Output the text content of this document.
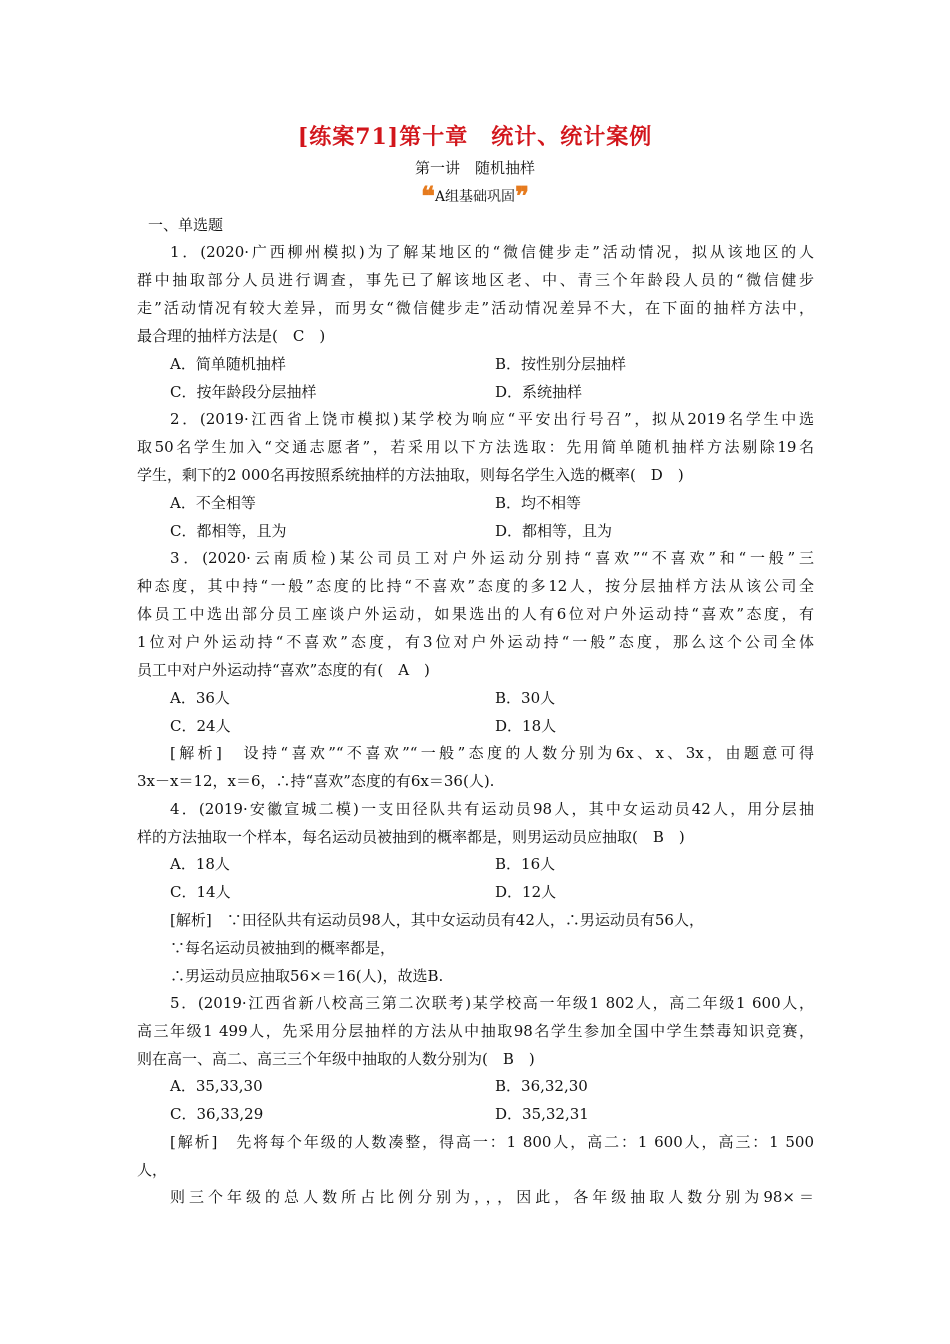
[练案71]第十章　统计、统计案例
第一讲　随机抽样
❝A组基础巩固❞
一、单选题
1．(2020·广西柳州模拟)为了解某地区的“微信健步走”活动情况，拟从该地区的人
群中抽取部分人员进行调查，事先已了解该地区老、中、青三个年龄段人员的“微信健步
走”活动情况有较大差异，而男女“微信健步走”活动情况差异不大，在下面的抽样方法中，
最合理的抽样方法是(　C　)
A．简单随机抽样	B．按性别分层抽样
C．按年龄段分层抽样	D．系统抽样
2．(2019·江西省上饶市模拟)某学校为响应“平安出行号召”，拟从2019名学生中选
取50名学生加入“交通志愿者”，若采用以下方法选取：先用简单随机抽样方法剔除19名
学生，剩下的2 000名再按照系统抽样的方法抽取，则每名学生入选的概率(　D　)
A．不全相等	B．均不相等
C．都相等，且为	D．都相等，且为
3．(2020·云南质检)某公司员工对户外运动分别持“喜欢”“不喜欢”和“一般”三
种态度，其中持“一般”态度的比持“不喜欢”态度的多12人，按分层抽样方法从该公司全
体员工中选出部分员工座谈户外运动，如果选出的人有6位对户外运动持“喜欢”态度，有
1位对户外运动持“不喜欢”态度，有3位对户外运动持“一般”态度，那么这个公司全体
员工中对户外运动持“喜欢”态度的有(　A　)
A．36人	B．30人
C．24人	D．18人
[解析]　设持“喜欢”“不喜欢”“一般”态度的人数分别为6x、x、3x，由题意可得
3x－x＝12，x＝6，∴持“喜欢”态度的有6x＝36(人).
4．(2019·安徽宣城二模)一支田径队共有运动员98人，其中女运动员42人，用分层抽
样的方法抽取一个样本，每名运动员被抽到的概率都是，则男运动员应抽取(　B　)
A．18人	B．16人
C．14人	D．12人
[解析]　∵田径队共有运动员98人，其中女运动员有42人，∴男运动员有56人，
∵每名运动员被抽到的概率都是，
∴男运动员应抽取56×＝16(人)，故选B.
5．(2019·江西省新八校高三第二次联考)某学校高一年级1 802人，高二年级1 600人，
高三年级1 499人，先采用分层抽样的方法从中抽取98名学生参加全国中学生禁毒知识竞赛，
则在高一、高二、高三三个年级中抽取的人数分别为(　B　)
A．35,33,30	B．36,32,30
C．36,33,29	D．35,32,31
[解析]　先将每个年级的人数凑整，得高一：1 800人，高二：1 600人，高三：1 500
人，
则三个年级的总人数所占比例分别为，，，因此，各年级抽取人数分别为98×＝
